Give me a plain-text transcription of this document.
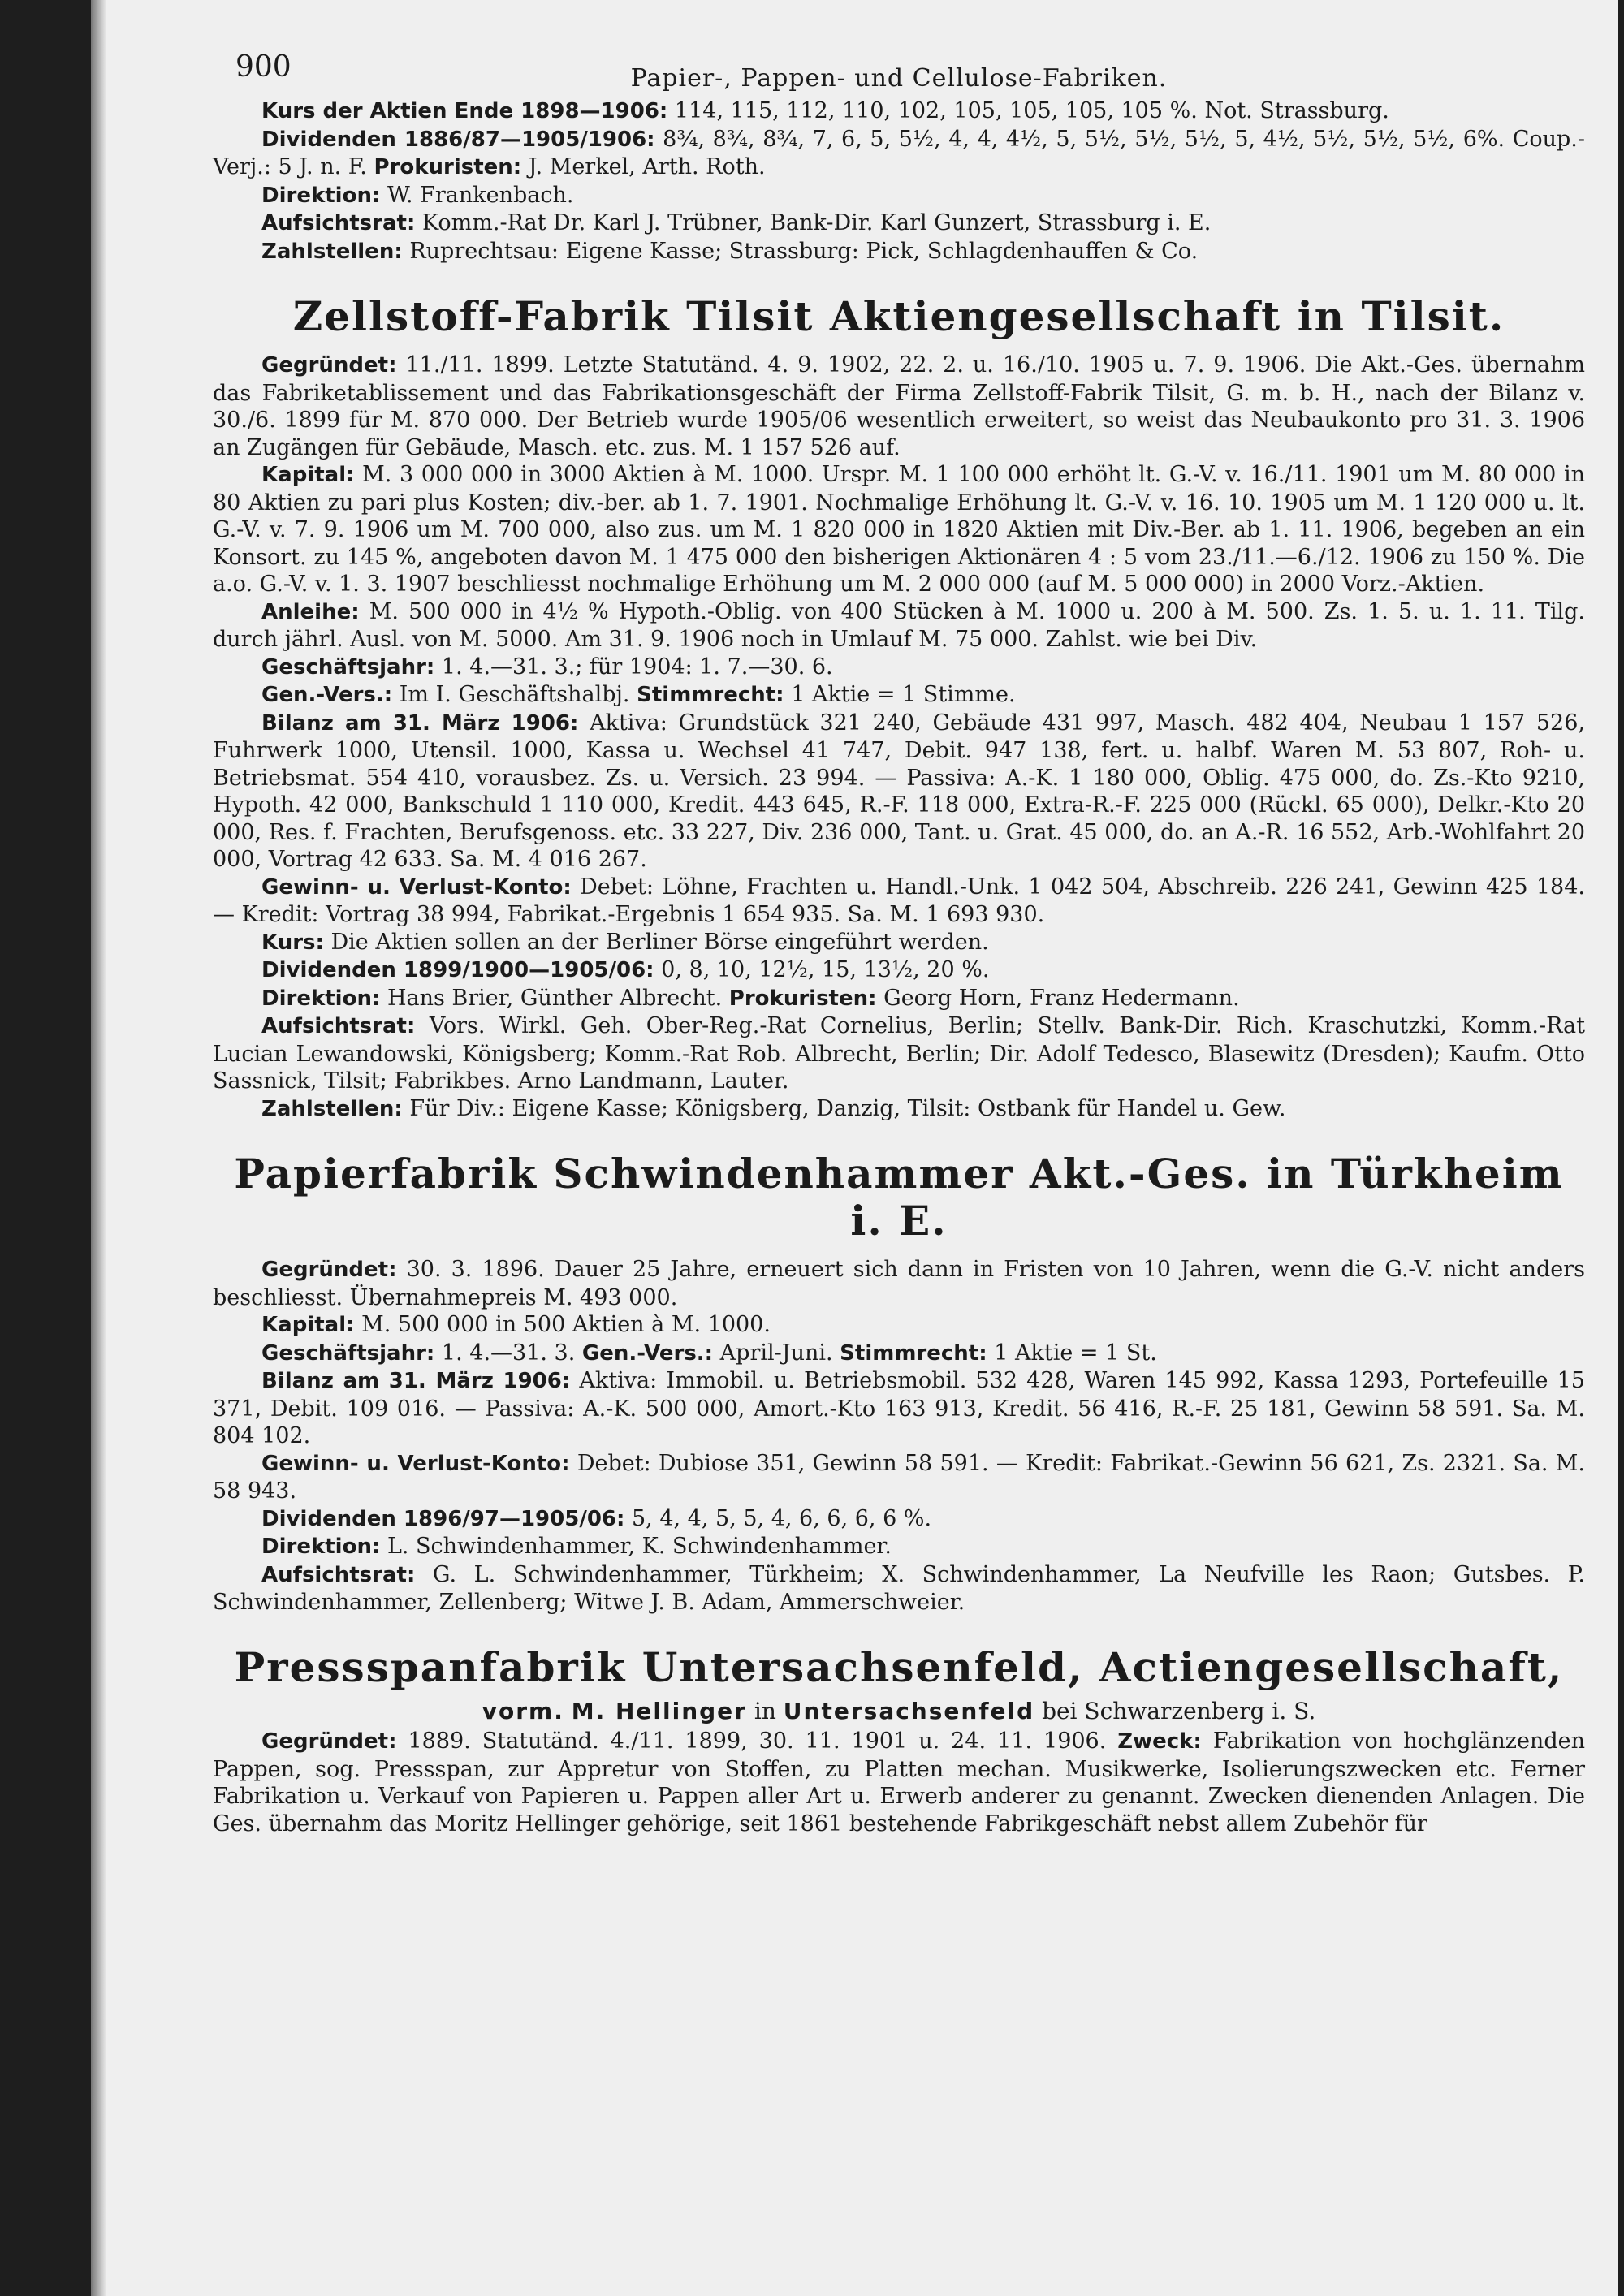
900	Papier-, Pappen- und Cellulose-Fabriken.

Kurs der Aktien Ende 1898—1906: 114, 115, 112, 110, 102, 105, 105, 105, 105 %. Not. Strassburg.

Dividenden 1886/87—1905/1906: 8¾, 8¾, 8¾, 7, 6, 5, 5½, 4, 4, 4½, 5, 5½, 5½, 5½, 5, 4½, 5½, 5½, 5½, 6%. Coup.-Verj.: 5 J. n. F. Prokuristen: J. Merkel, Arth. Roth.

Direktion: W. Frankenbach.

Aufsichtsrat: Komm.-Rat Dr. Karl J. Trübner, Bank-Dir. Karl Gunzert, Strassburg i. E.

Zahlstellen: Ruprechtsau: Eigene Kasse; Strassburg: Pick, Schlagdenhauffen & Co.

Zellstoff-Fabrik Tilsit Aktiengesellschaft in Tilsit.

Gegründet: 11./11. 1899. Letzte Statutänd. 4. 9. 1902, 22. 2. u. 16./10. 1905 u. 7. 9. 1906. Die Akt.-Ges. übernahm das Fabriketablissement und das Fabrikationsgeschäft der Firma Zellstoff-Fabrik Tilsit, G. m. b. H., nach der Bilanz v. 30./6. 1899 für M. 870 000. Der Betrieb wurde 1905/06 wesentlich erweitert, so weist das Neubaukonto pro 31. 3. 1906 an Zugängen für Gebäude, Masch. etc. zus. M. 1 157 526 auf.

Kapital: M. 3 000 000 in 3000 Aktien à M. 1000. Urspr. M. 1 100 000 erhöht lt. G.-V. v. 16./11. 1901 um M. 80 000 in 80 Aktien zu pari plus Kosten; div.-ber. ab 1. 7. 1901. Nochmalige Erhöhung lt. G.-V. v. 16. 10. 1905 um M. 1 120 000 u. lt. G.-V. v. 7. 9. 1906 um M. 700 000, also zus. um M. 1 820 000 in 1820 Aktien mit Div.-Ber. ab 1. 11. 1906, begeben an ein Konsort. zu 145 %, angeboten davon M. 1 475 000 den bisherigen Aktionären 4 : 5 vom 23./11.—6./12. 1906 zu 150 %. Die a.o. G.-V. v. 1. 3. 1907 beschliesst nochmalige Erhöhung um M. 2 000 000 (auf M. 5 000 000) in 2000 Vorz.-Aktien.

Anleihe: M. 500 000 in 4½ % Hypoth.-Oblig. von 400 Stücken à M. 1000 u. 200 à M. 500. Zs. 1. 5. u. 1. 11. Tilg. durch jährl. Ausl. von M. 5000. Am 31. 9. 1906 noch in Umlauf M. 75 000. Zahlst. wie bei Div.

Geschäftsjahr: 1. 4.—31. 3.; für 1904: 1. 7.—30. 6.

Gen.-Vers.: Im I. Geschäftshalbj. Stimmrecht: 1 Aktie = 1 Stimme.

Bilanz am 31. März 1906: Aktiva: Grundstück 321 240, Gebäude 431 997, Masch. 482 404, Neubau 1 157 526, Fuhrwerk 1000, Utensil. 1000, Kassa u. Wechsel 41 747, Debit. 947 138, fert. u. halbf. Waren M. 53 807, Roh- u. Betriebsmat. 554 410, vorausbez. Zs. u. Versich. 23 994. — Passiva: A.-K. 1 180 000, Oblig. 475 000, do. Zs.-Kto 9210, Hypoth. 42 000, Bankschuld 1 110 000, Kredit. 443 645, R.-F. 118 000, Extra-R.-F. 225 000 (Rückl. 65 000), Delkr.-Kto 20 000, Res. f. Frachten, Berufsgenoss. etc. 33 227, Div. 236 000, Tant. u. Grat. 45 000, do. an A.-R. 16 552, Arb.-Wohlfahrt 20 000, Vortrag 42 633. Sa. M. 4 016 267.

Gewinn- u. Verlust-Konto: Debet: Löhne, Frachten u. Handl.-Unk. 1 042 504, Abschreib. 226 241, Gewinn 425 184. — Kredit: Vortrag 38 994, Fabrikat.-Ergebnis 1 654 935. Sa. M. 1 693 930.

Kurs: Die Aktien sollen an der Berliner Börse eingeführt werden.

Dividenden 1899/1900—1905/06: 0, 8, 10, 12½, 15, 13½, 20 %.

Direktion: Hans Brier, Günther Albrecht. Prokuristen: Georg Horn, Franz Hedermann.

Aufsichtsrat: Vors. Wirkl. Geh. Ober-Reg.-Rat Cornelius, Berlin; Stellv. Bank-Dir. Rich. Kraschutzki, Komm.-Rat Lucian Lewandowski, Königsberg; Komm.-Rat Rob. Albrecht, Berlin; Dir. Adolf Tedesco, Blasewitz (Dresden); Kaufm. Otto Sassnick, Tilsit; Fabrikbes. Arno Landmann, Lauter.

Zahlstellen: Für Div.: Eigene Kasse; Königsberg, Danzig, Tilsit: Ostbank für Handel u. Gew.

Papierfabrik Schwindenhammer Akt.-Ges. in Türkheim i. E.

Gegründet: 30. 3. 1896. Dauer 25 Jahre, erneuert sich dann in Fristen von 10 Jahren, wenn die G.-V. nicht anders beschliesst. Übernahmepreis M. 493 000.

Kapital: M. 500 000 in 500 Aktien à M. 1000.

Geschäftsjahr: 1. 4.—31. 3. Gen.-Vers.: April-Juni. Stimmrecht: 1 Aktie = 1 St.

Bilanz am 31. März 1906: Aktiva: Immobil. u. Betriebsmobil. 532 428, Waren 145 992, Kassa 1293, Portefeuille 15 371, Debit. 109 016. — Passiva: A.-K. 500 000, Amort.-Kto 163 913, Kredit. 56 416, R.-F. 25 181, Gewinn 58 591. Sa. M. 804 102.

Gewinn- u. Verlust-Konto: Debet: Dubiose 351, Gewinn 58 591. — Kredit: Fabrikat.-Gewinn 56 621, Zs. 2321. Sa. M. 58 943.

Dividenden 1896/97—1905/06: 5, 4, 4, 5, 5, 4, 6, 6, 6, 6 %.

Direktion: L. Schwindenhammer, K. Schwindenhammer.

Aufsichtsrat: G. L. Schwindenhammer, Türkheim; X. Schwindenhammer, La Neufville les Raon; Gutsbes. P. Schwindenhammer, Zellenberg; Witwe J. B. Adam, Ammerschweier.

Pressspanfabrik Untersachsenfeld, Actiengesellschaft,
vorm. M. Hellinger in Untersachsenfeld bei Schwarzenberg i. S.

Gegründet: 1889. Statutänd. 4./11. 1899, 30. 11. 1901 u. 24. 11. 1906. Zweck: Fabrikation von hochglänzenden Pappen, sog. Pressspan, zur Appretur von Stoffen, zu Platten mechan. Musikwerke, Isolierungszwecken etc. Ferner Fabrikation u. Verkauf von Papieren u. Pappen aller Art u. Erwerb anderer zu genannt. Zwecken dienenden Anlagen. Die Ges. übernahm das Moritz Hellinger gehörige, seit 1861 bestehende Fabrikgeschäft nebst allem Zubehör für
